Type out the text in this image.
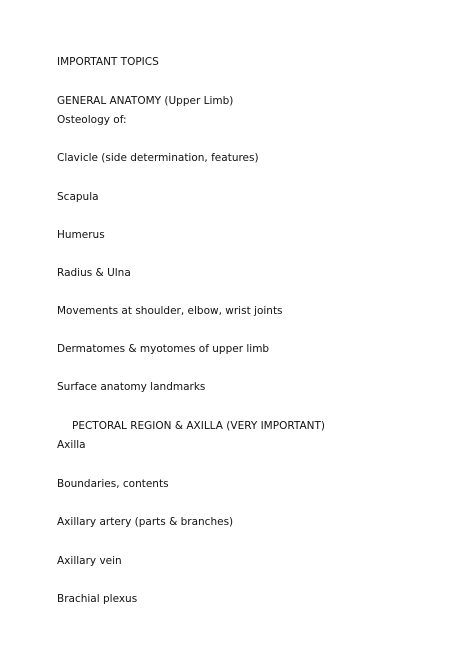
IMPORTANT TOPICS
GENERAL ANATOMY (Upper Limb)
Osteology of:
Clavicle (side determination, features)
Scapula
Humerus
Radius & Ulna
Movements at shoulder, elbow, wrist joints
Dermatomes & myotomes of upper limb
Surface anatomy landmarks
PECTORAL REGION & AXILLA (VERY IMPORTANT)
Axilla
Boundaries, contents
Axillary artery (parts & branches)
Axillary vein
Brachial plexus
